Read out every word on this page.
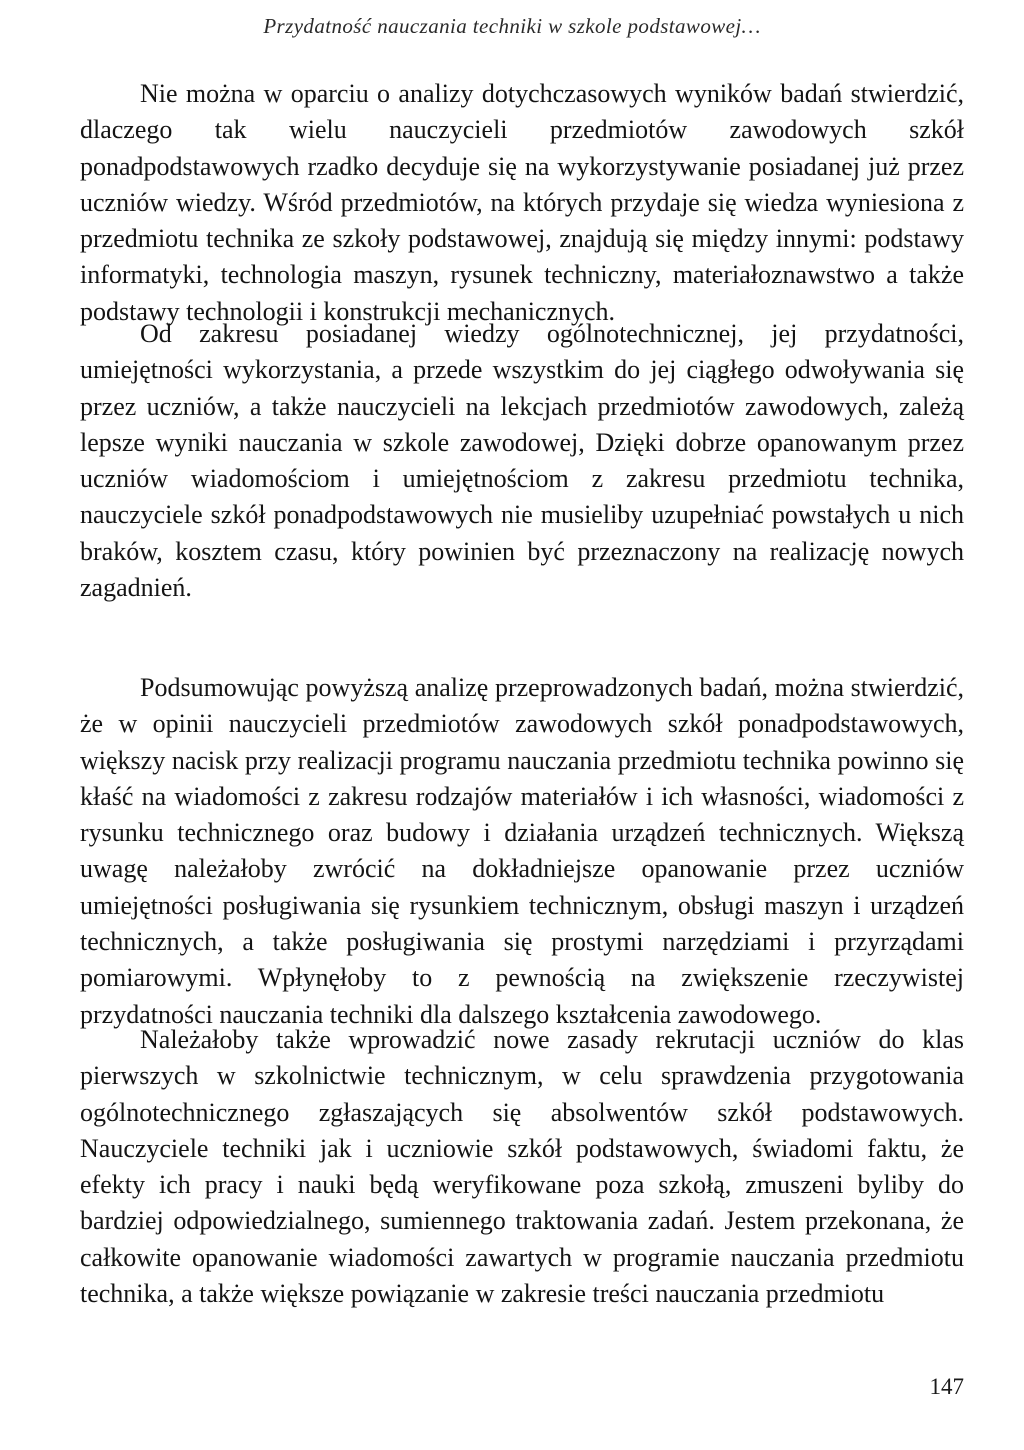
Przydatność nauczania techniki w szkole podstawowej…

Nie można w oparciu o analizy dotychczasowych wyników badań stwierdzić, dlaczego tak wielu nauczycieli przedmiotów zawodowych szkół ponadpodstawowych rzadko decyduje się na wykorzystywanie posiadanej już przez uczniów wiedzy. Wśród przedmiotów, na których przydaje się wiedza wyniesiona z przedmiotu technika ze szkoły podstawowej, znajdują się między innymi: podstawy informatyki, technologia maszyn, rysunek techniczny, materiałoznawstwo a także podstawy technologii i konstrukcji mechanicznych.

Od zakresu posiadanej wiedzy ogólnotechnicznej, jej przydatności, umiejętności wykorzystania, a przede wszystkim do jej ciągłego odwoływania się przez uczniów, a także nauczycieli na lekcjach przedmiotów zawodowych, zależą lepsze wyniki nauczania w szkole zawodowej, Dzięki dobrze opanowanym przez uczniów wiadomościom i umiejętnościom z zakresu przedmiotu technika, nauczyciele szkół ponadpodstawowych nie musieliby uzupełniać powstałych u nich braków, kosztem czasu, który powinien być przeznaczony na realizację nowych zagadnień.

Podsumowując powyższą analizę przeprowadzonych badań, można stwierdzić, że w opinii nauczycieli przedmiotów zawodowych szkół ponadpodstawowych, większy nacisk przy realizacji programu nauczania przedmiotu technika powinno się kłaść na wiadomości z zakresu rodzajów materiałów i ich własności, wiadomości z rysunku technicznego oraz budowy i działania urządzeń technicznych. Większą uwagę należałoby zwrócić na dokładniejsze opanowanie przez uczniów umiejętności posługiwania się rysunkiem technicznym, obsługi maszyn i urządzeń technicznych, a także posługiwania się prostymi narzędziami i przyrządami pomiarowymi. Wpłynęłoby to z pewnością na zwiększenie rzeczywistej przydatności nauczania techniki dla dalszego kształcenia zawodowego.

Należałoby także wprowadzić nowe zasady rekrutacji uczniów do klas pierwszych w szkolnictwie technicznym, w celu sprawdzenia przygotowania ogólnotechnicznego zgłaszających się absolwentów szkół podstawowych. Nauczyciele techniki jak i uczniowie szkół podstawowych, świadomi faktu, że efekty ich pracy i nauki będą weryfikowane poza szkołą, zmuszeni byliby do bardziej odpowiedzialnego, sumiennego traktowania zadań. Jestem przekonana, że całkowite opanowanie wiadomości zawartych w programie nauczania przedmiotu technika, a także większe powiązanie w zakresie treści nauczania przedmiotu

147
